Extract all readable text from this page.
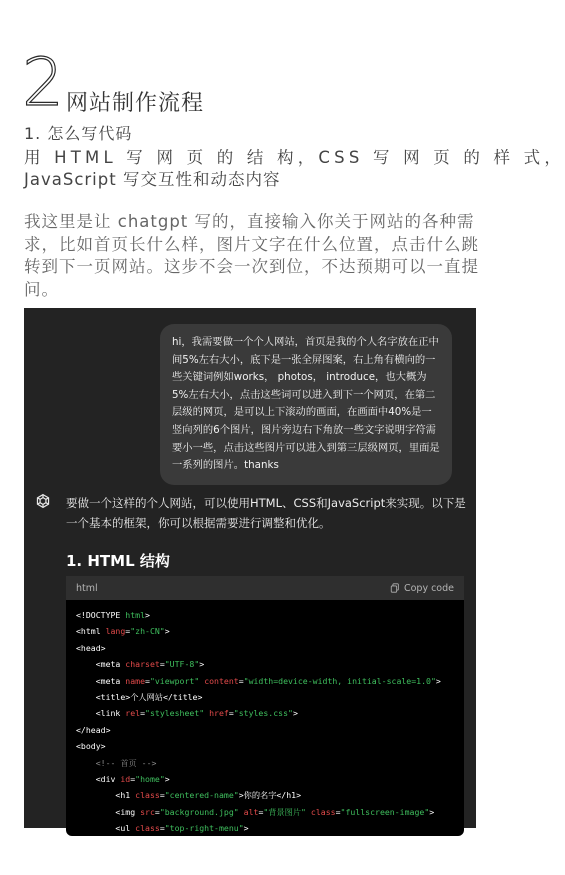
2 网站制作流程
1. 怎么写代码
用 HTML 写 网 页 的 结 构，CSS 写 网 页 的 样 式，
JavaScript 写交互性和动态内容
我这里是让 chatgpt 写的，直接输入你关于网站的各种需求，比如首页长什么样，图片文字在什么位置，点击什么跳转到下一页网站。这步不会一次到位，不达预期可以一直提问。
hi，我需要做一个个人网站，首页是我的个人名字放在正中间5%左右大小，底下是一张全屏图案，右上角有横向的一些关键词例如works， photos， introduce，也大概为5%左右大小，点击这些词可以进入到下一个网页，在第二层级的网页，是可以上下滚动的画面，在画面中40%是一竖向列的6个图片，图片旁边右下角放一些文字说明字符需要小一些，点击这些图片可以进入到第三层级网页，里面是一系列的图片。thanks
要做一个这样的个人网站，可以使用HTML、CSS和JavaScript来实现。以下是一个基本的框架，你可以根据需要进行调整和优化。
1. HTML 结构
html	Copy code
<!DOCTYPE html>
<html lang="zh-CN">
<head>
<meta charset="UTF-8">
<meta name="viewport" content="width=device-width, initial-scale=1.0">
<title>个人网站</title>
<link rel="stylesheet" href="styles.css">
</head>
<body>
<!-- 首页 -->
<div id="home">
<h1 class="centered-name">你的名字</h1>
<img src="background.jpg" alt="背景图片" class="fullscreen-image">
<ul class="top-right-menu">
